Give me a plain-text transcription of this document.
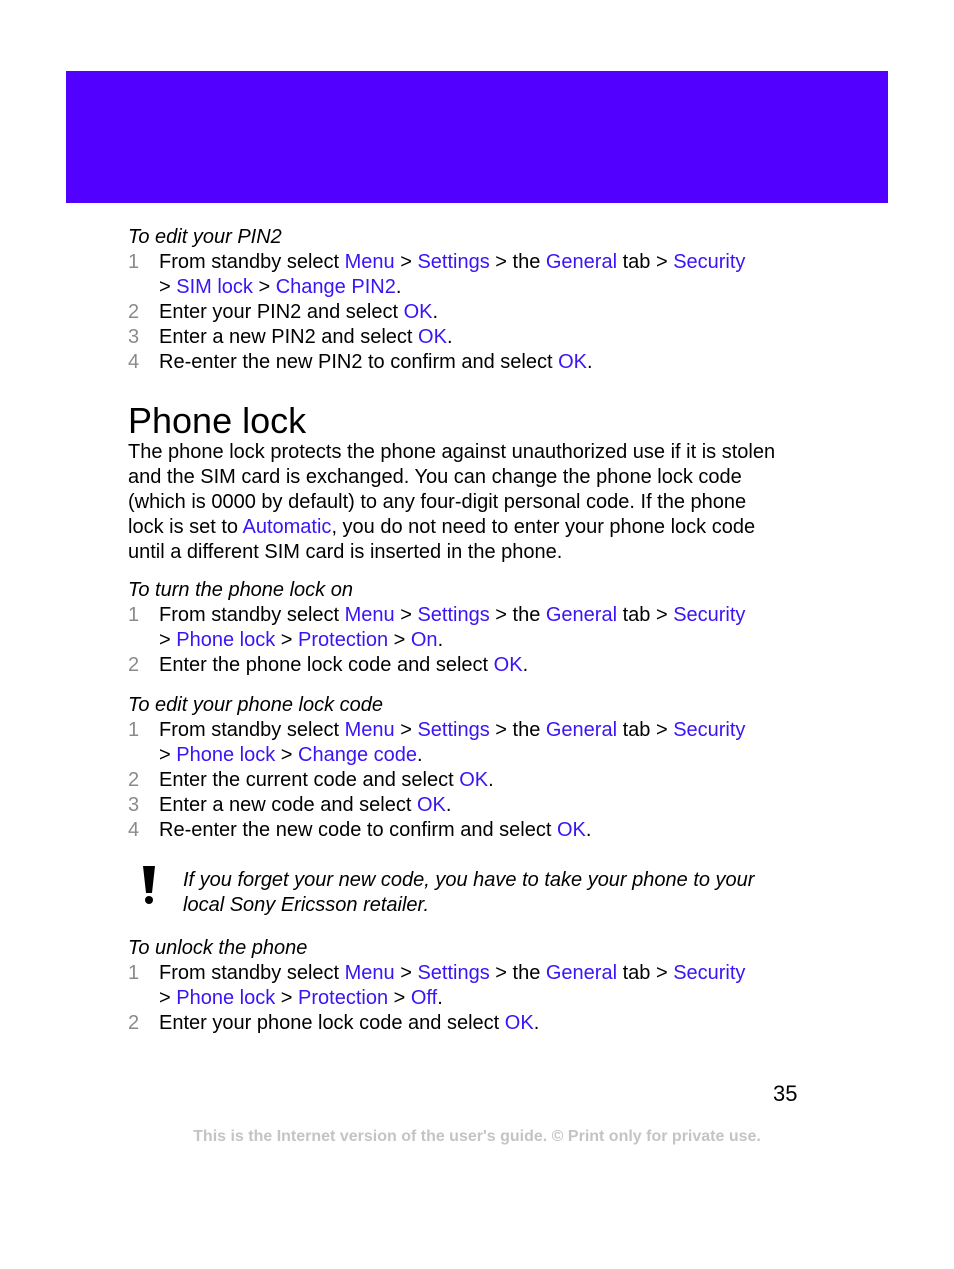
To edit your PIN2
1 From standby select Menu > Settings > the General tab > Security
> SIM lock > Change PIN2.
2 Enter your PIN2 and select OK.
3 Enter a new PIN2 and select OK.
4 Re-enter the new PIN2 to confirm and select OK.
Phone lock
The phone lock protects the phone against unauthorized use if it is stolen
and the SIM card is exchanged. You can change the phone lock code
(which is 0000 by default) to any four-digit personal code. If the phone
lock is set to Automatic, you do not need to enter your phone lock code
until a different SIM card is inserted in the phone.
To turn the phone lock on
1 From standby select Menu > Settings > the General tab > Security
> Phone lock > Protection > On.
2 Enter the phone lock code and select OK.
To edit your phone lock code
1 From standby select Menu > Settings > the General tab > Security
> Phone lock > Change code.
2 Enter the current code and select OK.
3 Enter a new code and select OK.
4 Re-enter the new code to confirm and select OK.
If you forget your new code, you have to take your phone to your
local Sony Ericsson retailer.
To unlock the phone
1 From standby select Menu > Settings > the General tab > Security
> Phone lock > Protection > Off.
2 Enter your phone lock code and select OK.
35
This is the Internet version of the user's guide. © Print only for private use.
